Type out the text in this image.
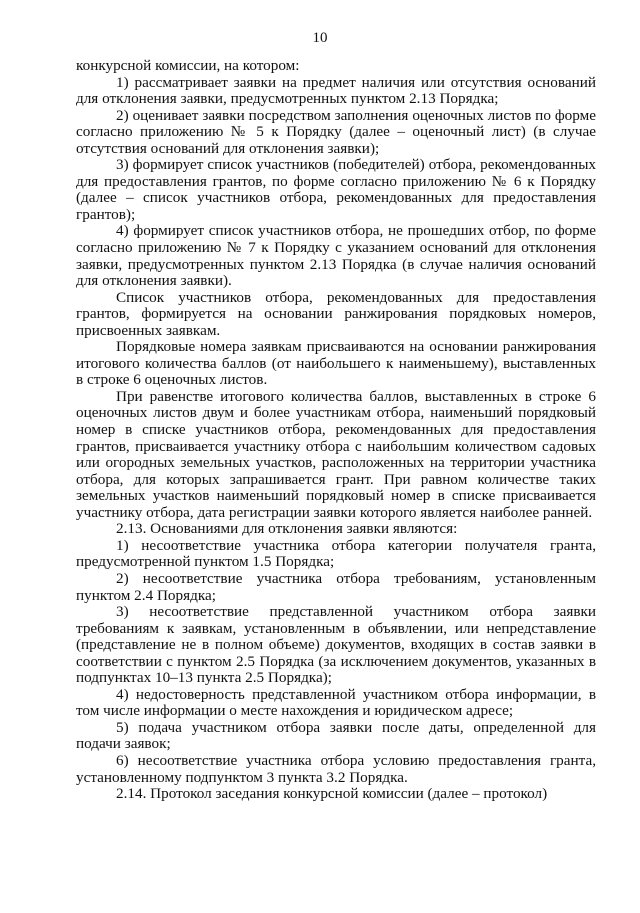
10

конкурсной комиссии, на котором:

1) рассматривает заявки на предмет наличия или отсутствия оснований для отклонения заявки, предусмотренных пунктом 2.13 Порядка;

2) оценивает заявки посредством заполнения оценочных листов по форме согласно приложению № 5 к Порядку (далее – оценочный лист) (в случае отсутствия оснований для отклонения заявки);

3) формирует список участников (победителей) отбора, рекомендованных для предоставления грантов, по форме согласно приложению № 6 к Порядку (далее – список участников отбора, рекомендованных для предоставления грантов);

4) формирует список участников отбора, не прошедших отбор, по форме согласно приложению № 7 к Порядку с указанием оснований для отклонения заявки, предусмотренных пунктом 2.13 Порядка (в случае наличия оснований для отклонения заявки).

Список участников отбора, рекомендованных для предоставления грантов, формируется на основании ранжирования порядковых номеров, присвоенных заявкам.

Порядковые номера заявкам присваиваются на основании ранжирования итогового количества баллов (от наибольшего к наименьшему), выставленных в строке 6 оценочных листов.

При равенстве итогового количества баллов, выставленных в строке 6 оценочных листов двум и более участникам отбора, наименьший порядковый номер в списке участников отбора, рекомендованных для предоставления грантов, присваивается участнику отбора с наибольшим количеством садовых или огородных земельных участков, расположенных на территории участника отбора, для которых запрашивается грант. При равном количестве таких земельных участков наименьший порядковый номер в списке присваивается участнику отбора, дата регистрации заявки которого является наиболее ранней.

2.13. Основаниями для отклонения заявки являются:

1) несоответствие участника отбора категории получателя гранта, предусмотренной пунктом 1.5 Порядка;

2) несоответствие участника отбора требованиям, установленным пунктом 2.4 Порядка;

3) несоответствие представленной участником отбора заявки требованиям к заявкам, установленным в объявлении, или непредставление (представление не в полном объеме) документов, входящих в состав заявки в соответствии с пунктом 2.5 Порядка (за исключением документов, указанных в подпунктах 10–13 пункта 2.5 Порядка);

4) недостоверность представленной участником отбора информации, в том числе информации о месте нахождения и юридическом адресе;

5) подача участником отбора заявки после даты, определенной для подачи заявок;

6) несоответствие участника отбора условию предоставления гранта, установленному подпунктом 3 пункта 3.2 Порядка.

2.14. Протокол заседания конкурсной комиссии (далее – протокол)
